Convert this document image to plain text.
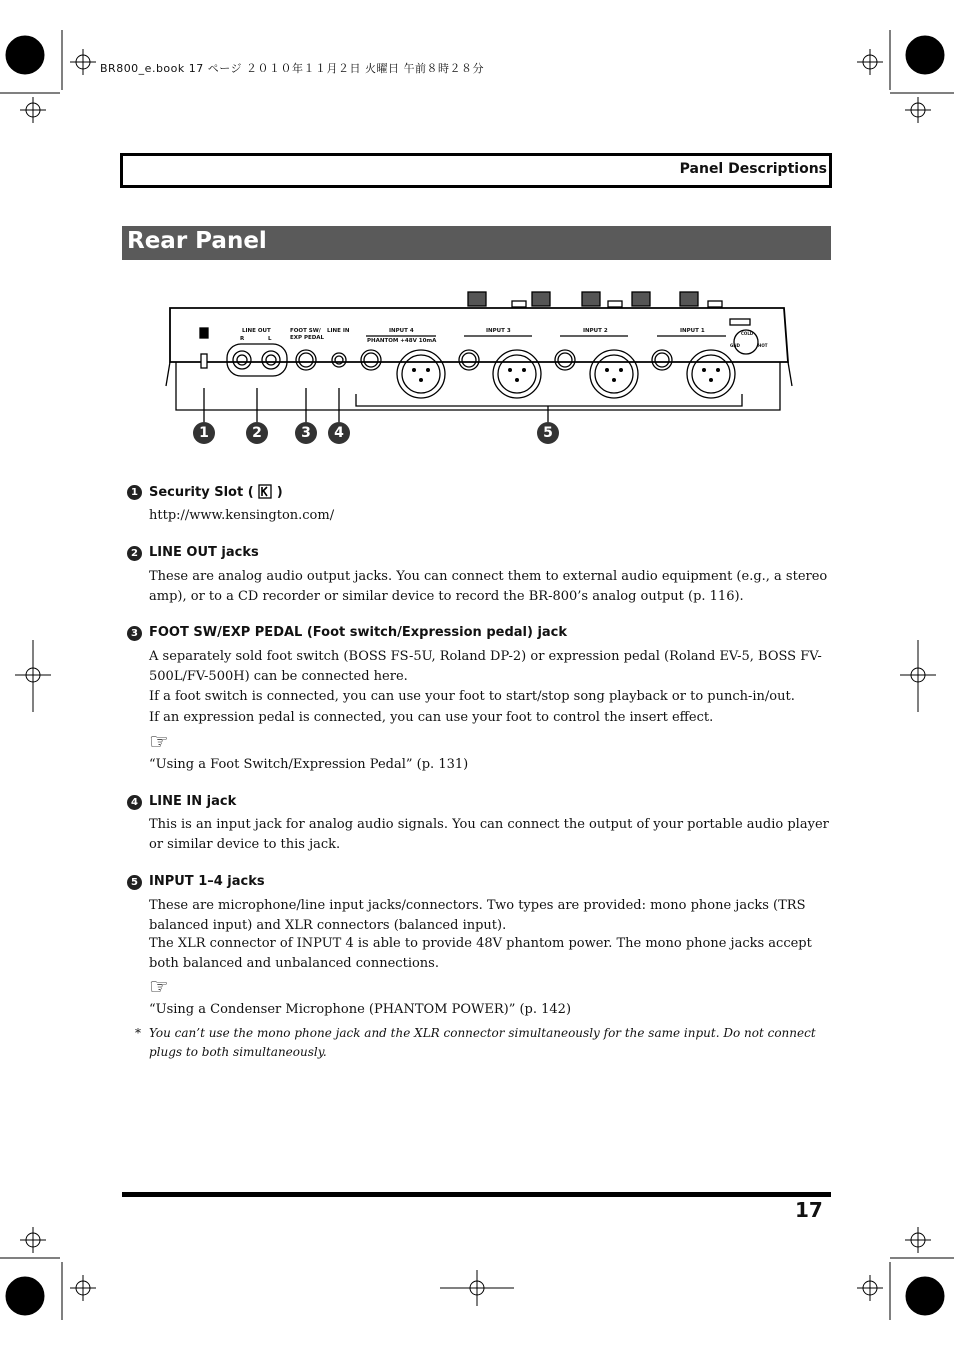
BR800_e.book 17 ページ ２０１０年１１月２日 火曜日 午前８時２８分
Panel Descriptions
Rear Panel
LINE OUT
R	L
FOOT SW/
EXP PEDAL
LINE IN	INPUT 4
PHANTOM +48V 10mA
INPUT 3	INPUT 2	INPUT 1	COLD
GND	HOT
1	2	3	4	5
1 Security Slot ( )
http://www.kensington.com/
2 LINE OUT jacks
These are analog audio output jacks. You can connect them to external audio equipment (e.g., a stereo amp), or to a CD recorder or similar device to record the BR-800’s analog output (p. 116).
3 FOOT SW/EXP PEDAL (Foot switch/Expression pedal) jack
A separately sold foot switch (BOSS FS-5U, Roland DP-2) or expression pedal (Roland EV-5, BOSS FV-500L/FV-500H) can be connected here.
If a foot switch is connected, you can use your foot to start/stop song playback or to punch-in/out.
If an expression pedal is connected, you can use your foot to control the insert effect.
☞
“Using a Foot Switch/Expression Pedal” (p. 131)
4 LINE IN jack
This is an input jack for analog audio signals. You can connect the output of your portable audio player or similar device to this jack.
5 INPUT 1–4 jacks
These are microphone/line input jacks/connectors. Two types are provided: mono phone jacks (TRS balanced input) and XLR connectors (balanced input).
The XLR connector of INPUT 4 is able to provide 48V phantom power. The mono phone jacks accept both balanced and unbalanced connections.
☞
“Using a Condenser Microphone (PHANTOM POWER)” (p. 142)
* You can’t use the mono phone jack and the XLR connector simultaneously for the same input. Do not connect plugs to both simultaneously.
17
